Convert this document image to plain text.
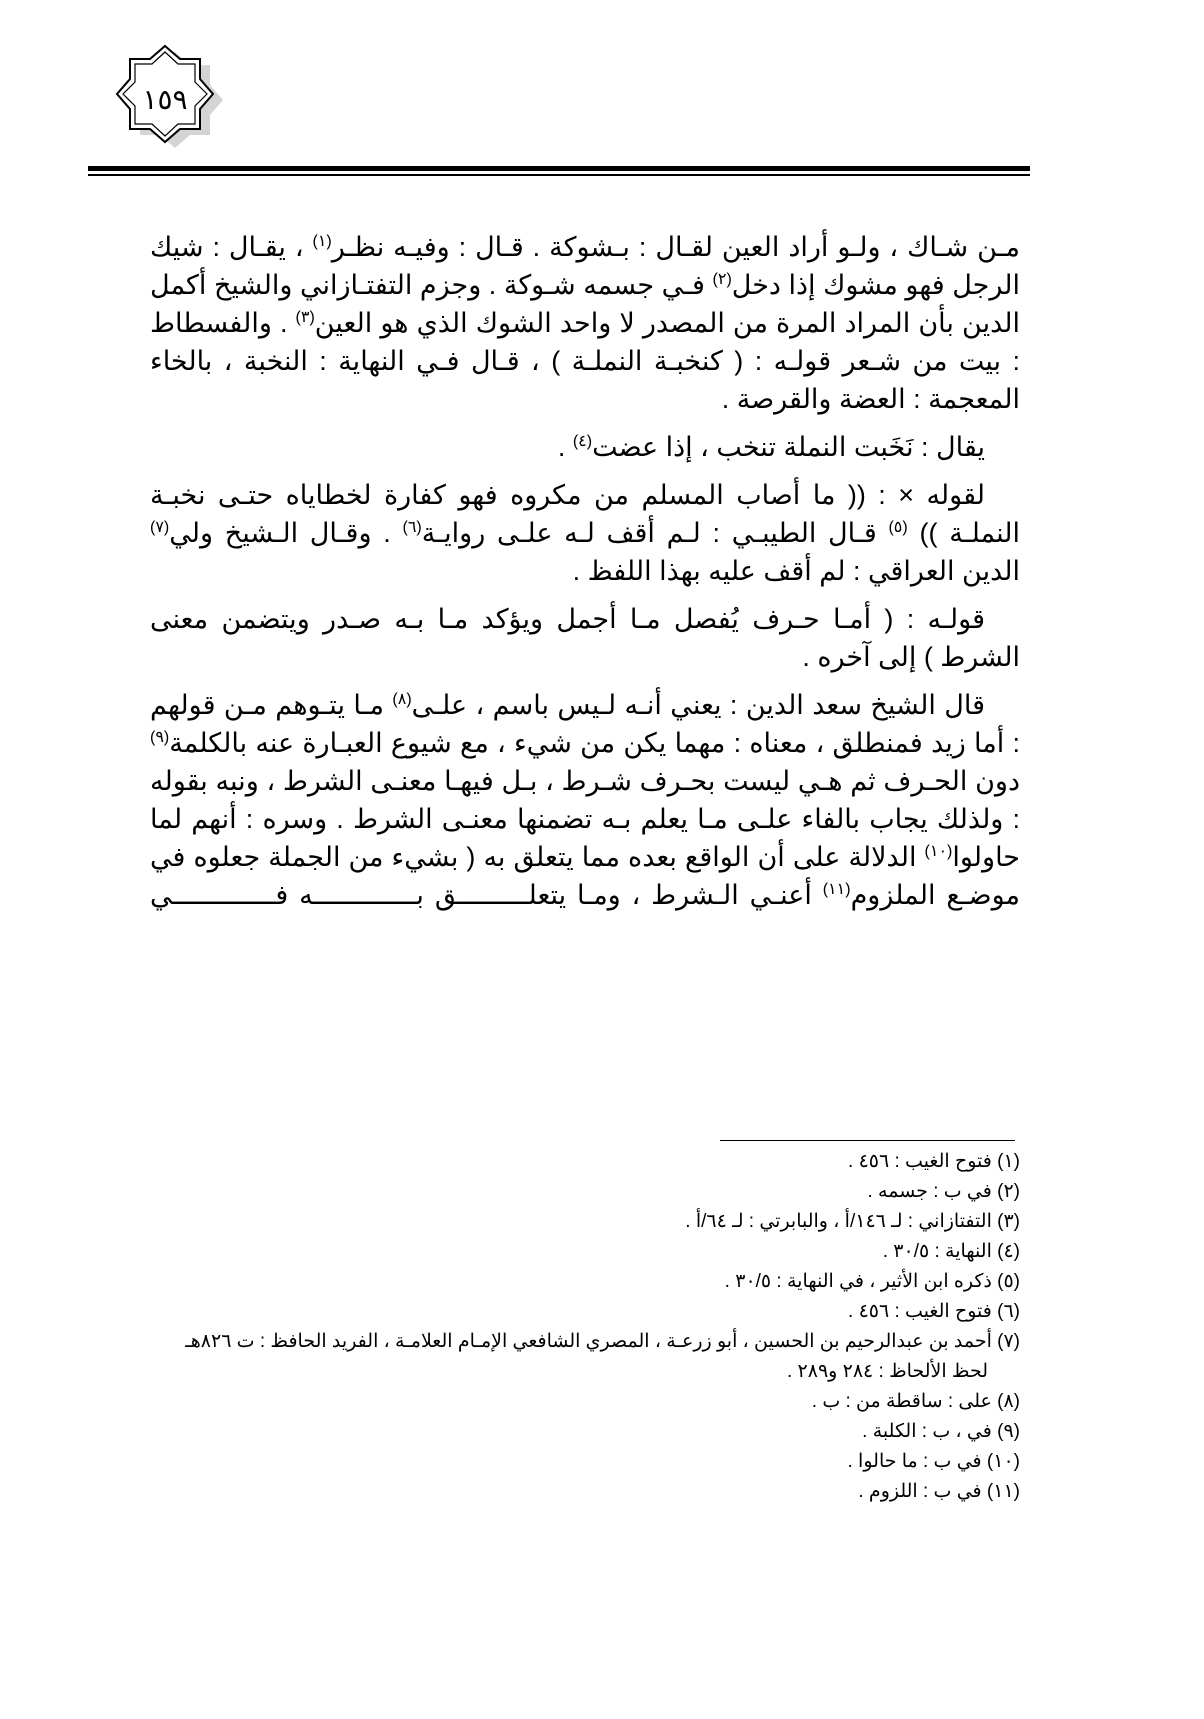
١٥٩

مـن شـاك ، ولـو أراد العين لقـال : بـشوكة . قـال : وفيـه نظـر$^{(١)}$ ، يقـال : شيك الرجل فهو مشوك إذا دخل$^{(٢)}$ فـي جسمه شـوكة . وجزم التفتـازاني والشيخ أكمل الدين بأن المراد المرة من المصدر لا واحد الشوك الذي هو العين$^{(٣)}$ . والفسطاط : بيت من شـعر قولـه : ( كنخبـة النملـة ) ، قـال فـي النهاية : النخبة ، بالخاء المعجمة : العضة والقرصة .

يقال : نَخَبت النملة تنخب ، إذا عضت$^{(٤)}$ .

لقوله × : (( ما أصاب المسلم من مكروه فهو كفارة لخطاياه حتـى نخبـة النملـة )) $^{(٥)}$ قـال الطيبـي : لـم أقف لـه علـى روايـة$^{(٦)}$ . وقـال الـشيخ ولي$^{(٧)}$ الدين العراقي : لم أقف عليه بهذا اللفظ .

قولـه : ( أمـا حـرف يُفصل مـا أجمل ويؤكد مـا بـه صـدر ويتضمن معنى الشرط ) إلى آخره .

قال الشيخ سعد الدين : يعني أنـه لـيس باسم ، علـى$^{(٨)}$ مـا يتـوهم مـن قولهم : أما زيد فمنطلق ، معناه : مهما يكن من شيء ، مع شيوع العبـارة عنه بالكلمة$^{(٩)}$ دون الحـرف ثم هـي ليست بحـرف شـرط ، بـل فيهـا معنـى الشرط ، ونبه بقوله : ولذلك يجاب بالفاء علـى مـا يعلم بـه تضمنها معنـى الشرط . وسره : أنهم لما حاولوا$^{(١٠)}$ الدلالة على أن الواقع بعده مما يتعلق به ( بشيء من الجملة جعلوه في موضـع الملزوم$^{(١١)}$ أعنـي الـشرط ، ومـا يتعلـــــــــق بـــــــــــــه فـــــــــــــي

(١) فتوح الغيب : ٤٥٦ .

(٢) في ب : جسمه .

(٣) التفتازاني : لـ ١٤٦/أ ، والبابرتي : لـ ٦٤/أ .

(٤) النهاية : ٣٠/٥ .

(٥) ذكره ابن الأثير ، في النهاية : ٣٠/٥ .

(٦) فتوح الغيب : ٤٥٦ .

(٧) أحمد بن عبدالرحيم بن الحسين ، أبو زرعـة ، المصري الشافعي الإمـام العلامـة ، الفريد الحافظ : ت ٨٢٦هـ لحظ الألحاظ : ٢٨٤ و٢٨٩ .

(٨) على : ساقطة من : ب .

(٩) في ، ب : الكلبة .

(١٠) في ب : ما حالوا .

(١١) في ب : اللزوم .
